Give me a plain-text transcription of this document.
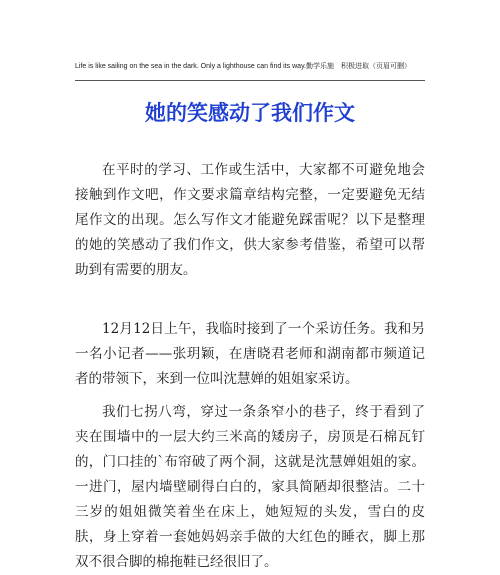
Life is like sailing on the sea in the dark. Only a lighthouse can find its way.勤学乐施　积极进取（页眉可删）
她的笑感动了我们作文

在平时的学习、工作或生活中，大家都不可避免地会接触到作文吧，作文要求篇章结构完整，一定要避免无结尾作文的出现。怎么写作文才能避免踩雷呢？以下是整理的她的笑感动了我们作文，供大家参考借鉴，希望可以帮助到有需要的朋友。

12月12日上午，我临时接到了一个采访任务。我和另一名小记者——张玥颖，在唐晓君老师和湖南都市频道记者的带领下，来到一位叫沈慧婵的姐姐家采访。

我们七拐八弯，穿过一条条窄小的巷子，终于看到了夹在围墙中的一层大约三米高的矮房子，房顶是石棉瓦钉的，门口挂的`布帘破了两个洞，这就是沈慧婵姐姐的家。一进门，屋内墙壁刷得白白的，家具简陋却很整洁。二十三岁的姐姐微笑着坐在床上，她短短的头发，雪白的皮肤，身上穿着一套她妈妈亲手做的大红色的睡衣，脚上那双不很合脚的棉拖鞋已经很旧了。
